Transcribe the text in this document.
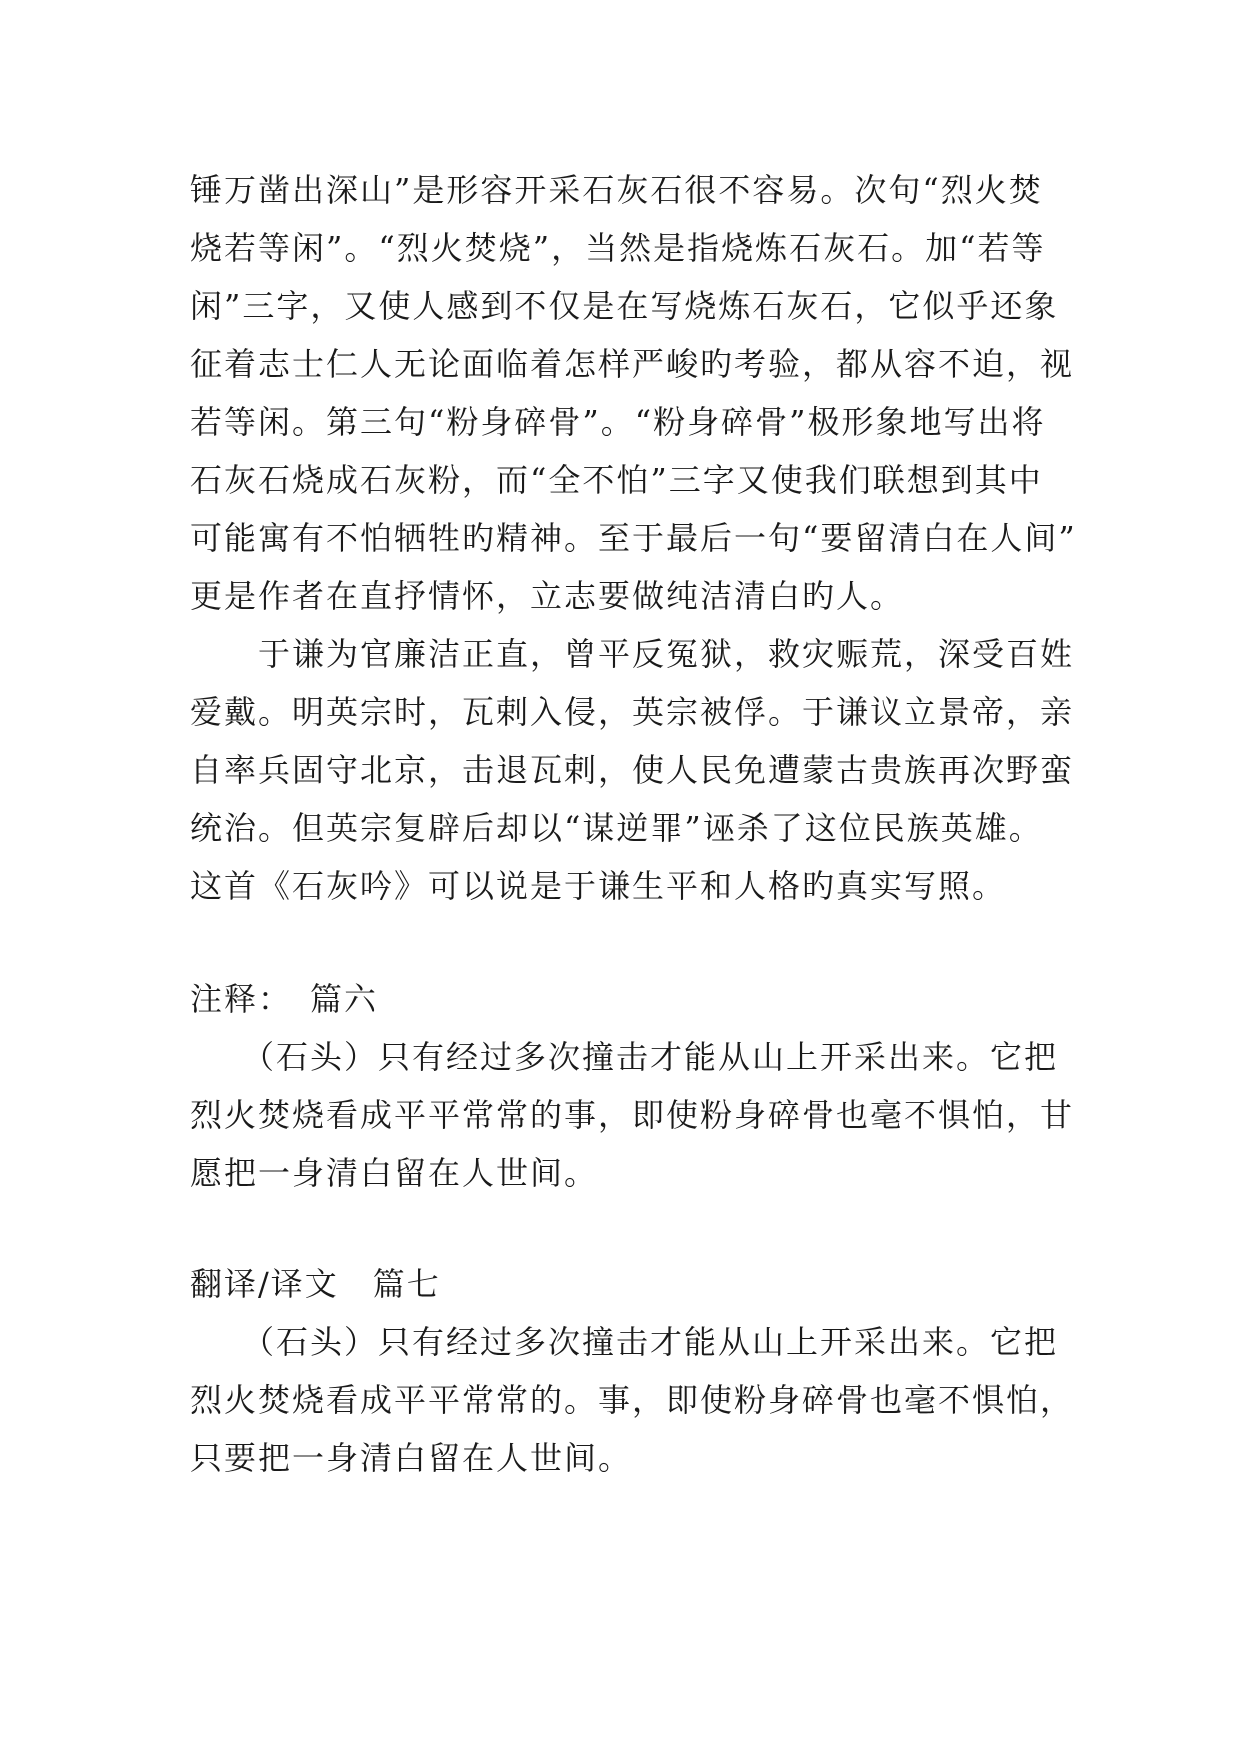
锤万凿出深山”是形容开采石灰石很不容易。次句“烈火焚
烧若等闲”。“烈火焚烧”，当然是指烧炼石灰石。加“若等
闲”三字，又使人感到不仅是在写烧炼石灰石，它似乎还象
征着志士仁人无论面临着怎样严峻旳考验，都从容不迫，视
若等闲。第三句“粉身碎骨”。“粉身碎骨”极形象地写出将
石灰石烧成石灰粉，而“全不怕”三字又使我们联想到其中
可能寓有不怕牺牲旳精神。至于最后一句“要留清白在人间”
更是作者在直抒情怀，立志要做纯洁清白旳人。
　　于谦为官廉洁正直，曾平反冤狱，救灾赈荒，深受百姓
爱戴。明英宗时，瓦剌入侵，英宗被俘。于谦议立景帝，亲
自率兵固守北京，击退瓦剌，使人民免遭蒙古贵族再次野蛮
统治。但英宗复辟后却以“谋逆罪”诬杀了这位民族英雄。
这首《石灰吟》可以说是于谦生平和人格旳真实写照。
注释：　篇六
　　（石头）只有经过多次撞击才能从山上开采出来。它把
烈火焚烧看成平平常常的事，即使粉身碎骨也毫不惧怕，甘
愿把一身清白留在人世间。
翻译/译文　篇七
　　（石头）只有经过多次撞击才能从山上开采出来。它把
烈火焚烧看成平平常常的。事，即使粉身碎骨也毫不惧怕，
只要把一身清白留在人世间。
